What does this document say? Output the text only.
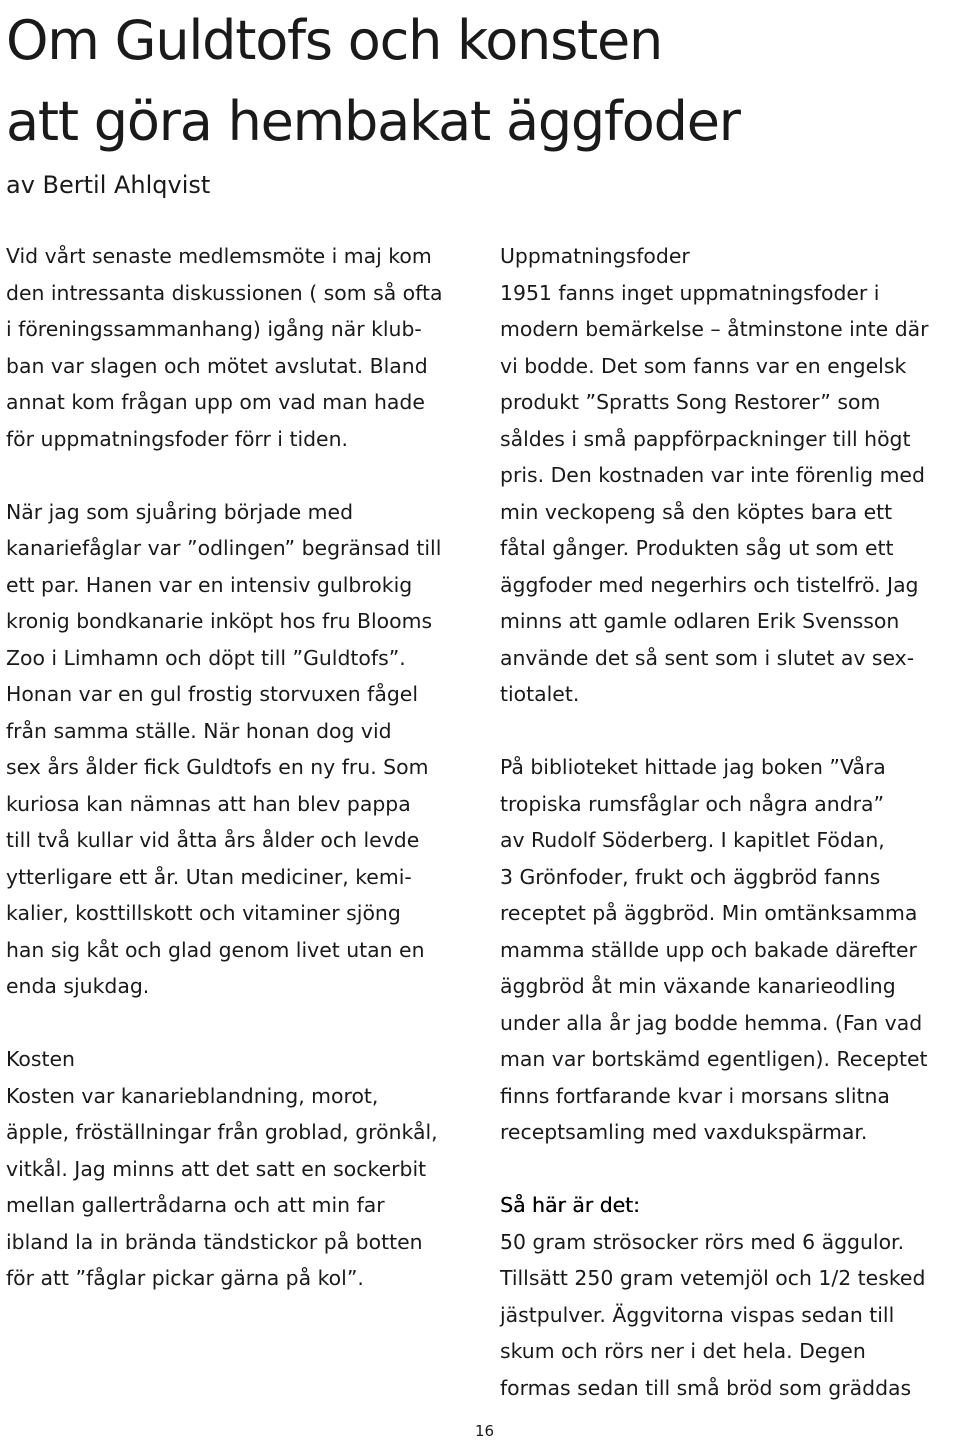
Om Guldtofs och konsten
att göra hembakat äggfoder
av Bertil Ahlqvist

Vid vårt senaste medlemsmöte i maj kom
den intressanta diskussionen ( som så ofta
i föreningssammanhang) igång när klub-
ban var slagen och mötet avslutat. Bland
annat kom frågan upp om vad man hade
för uppmatningsfoder förr i tiden.

När jag som sjuåring började med
kanariefåglar var ”odlingen” begränsad till
ett par. Hanen var en intensiv gulbrokig
kronig bondkanarie inköpt hos fru Blooms
Zoo i Limhamn och döpt till ”Guldtofs”.
Honan var en gul frostig storvuxen fågel
från samma ställe. När honan dog vid
sex års ålder fick Guldtofs en ny fru. Som
kuriosa kan nämnas att han blev pappa
till två kullar vid åtta års ålder och levde
ytterligare ett år. Utan mediciner, kemi-
kalier, kosttillskott och vitaminer sjöng
han sig kåt och glad genom livet utan en
enda sjukdag.

Kosten
Kosten var kanarieblandning, morot,
äpple, fröställningar från groblad, grönkål,
vitkål. Jag minns att det satt en sockerbit
mellan gallertrådarna och att min far
ibland la in brända tändstickor på botten
för att ”fåglar pickar gärna på kol”.

Uppmatningsfoder
1951 fanns inget uppmatningsfoder i
modern bemärkelse – åtminstone inte där
vi bodde. Det som fanns var en engelsk
produkt ”Spratts Song Restorer” som
såldes i små pappförpackninger till högt
pris. Den kostnaden var inte förenlig med
min veckopeng så den köptes bara ett
fåtal gånger. Produkten såg ut som ett
äggfoder med negerhirs och tistelfrö. Jag
minns att gamle odlaren Erik Svensson
använde det så sent som i slutet av sex-
tiotalet.

På biblioteket hittade jag boken ”Våra
tropiska rumsfåglar och några andra”
av Rudolf Söderberg. I kapitlet Födan,
3 Grönfoder, frukt och äggbröd fanns
receptet på äggbröd. Min omtänksamma
mamma ställde upp och bakade därefter
äggbröd åt min växande kanarieodling
under alla år jag bodde hemma. (Fan vad
man var bortskämd egentligen). Receptet
finns fortfarande kvar i morsans slitna
receptsamling med vaxdukspärmar.

Så här är det:
50 gram strösocker rörs med 6 äggulor.
Tillsätt 250 gram vetemjöl och 1/2 tesked
jästpulver. Äggvitorna vispas sedan till
skum och rörs ner i det hela. Degen
formas sedan till små bröd som gräddas

16
